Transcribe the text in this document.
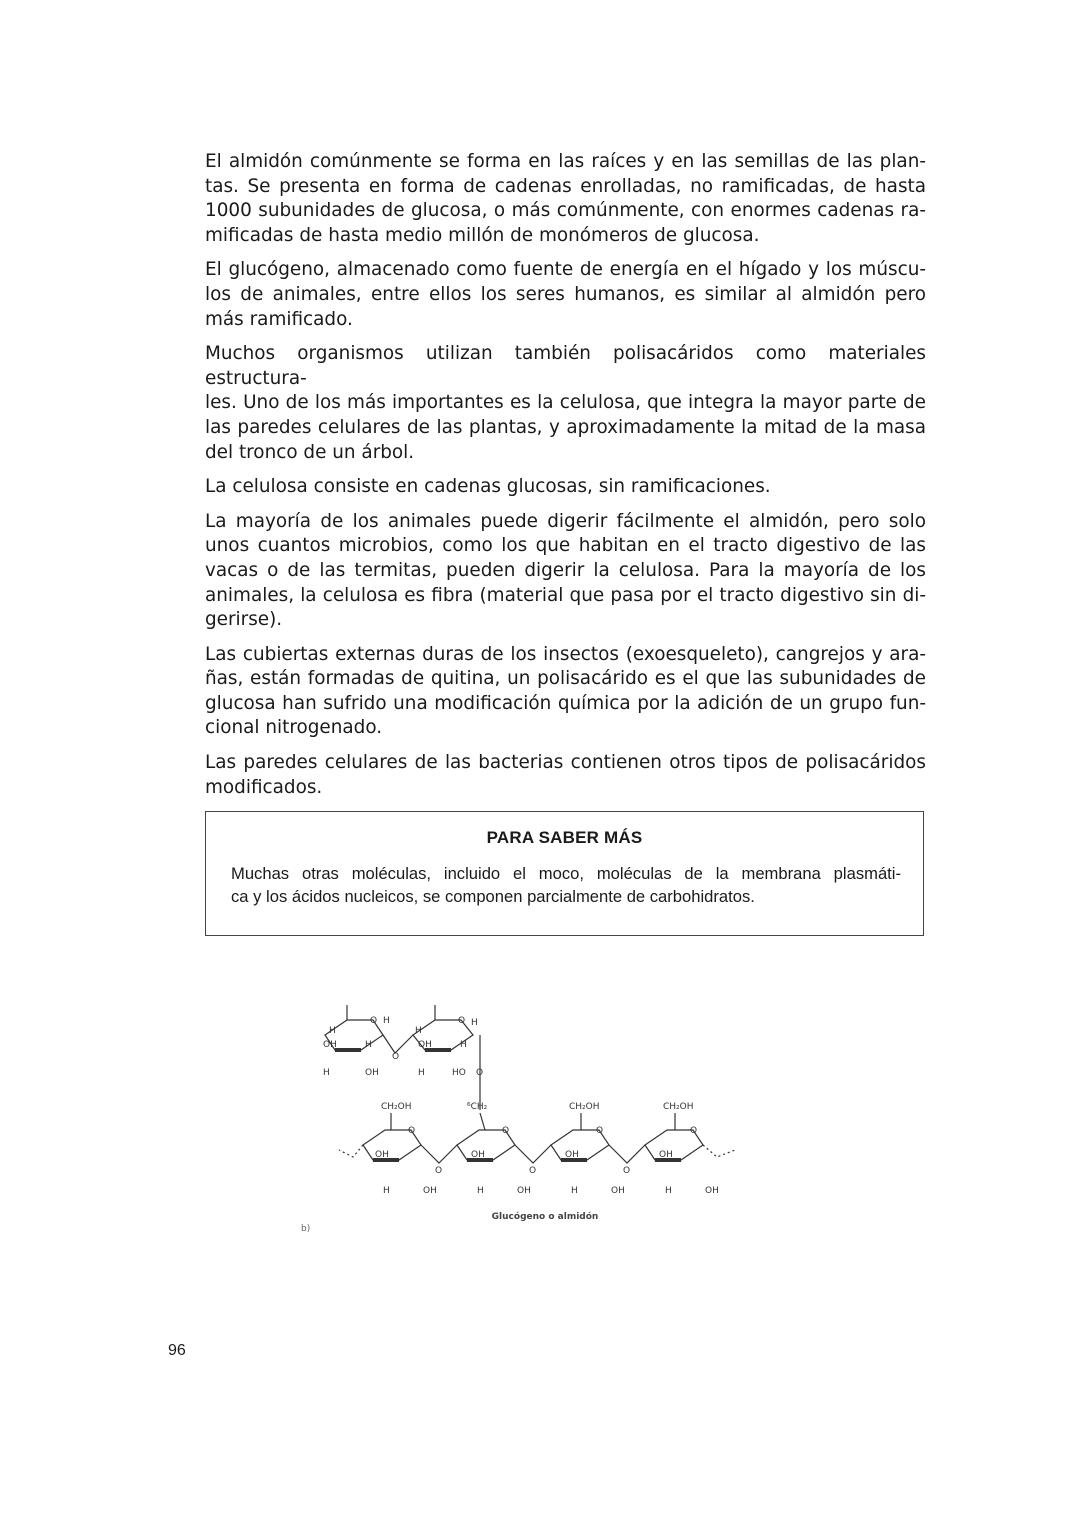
El almidón comúnmente se forma en las raíces y en las semillas de las plan-
tas. Se presenta en forma de cadenas enrolladas, no ramificadas, de hasta
1000 subunidades de glucosa, o más comúnmente, con enormes cadenas ra-
mificadas de hasta medio millón de monómeros de glucosa.

El glucógeno, almacenado como fuente de energía en el hígado y los múscu-
los de animales, entre ellos los seres humanos, es similar al almidón pero
más ramificado.

Muchos organismos utilizan también polisacáridos como materiales estructura-
les. Uno de los más importantes es la celulosa, que integra la mayor parte de
las paredes celulares de las plantas, y aproximadamente la mitad de la masa
del tronco de un árbol.

La celulosa consiste en cadenas glucosas, sin ramificaciones.

La mayoría de los animales puede digerir fácilmente el almidón, pero solo
unos cuantos microbios, como los que habitan en el tracto digestivo de las
vacas o de las termitas, pueden digerir la celulosa. Para la mayoría de los
animales, la celulosa es fibra (material que pasa por el tracto digestivo sin di-
gerirse).

Las cubiertas externas duras de los insectos (exoesqueleto), cangrejos y ara-
ñas, están formadas de quitina, un polisacárido es el que las subunidades de
glucosa han sufrido una modificación química por la adición de un grupo fun-
cional nitrogenado.

Las paredes celulares de las bacterias contienen otros tipos de polisacáridos
modificados.

PARA SABER MÁS
Muchas otras moléculas, incluido el moco, moléculas de la membrana plasmáti-
ca y los ácidos nucleicos, se componen parcialmente de carbohidratos.
O	O
O
OH	OH
H	H
H	H
H	H
H	OH	H	HO O
CH₂OH	⁶CH₂	CH₂OH	CH₂OH
O	O	O	O
O	O	O
OH	OH	OH	OH
H	OH	H	OH	H	OH	H	OH
Glucógeno o almidón
b)
96
